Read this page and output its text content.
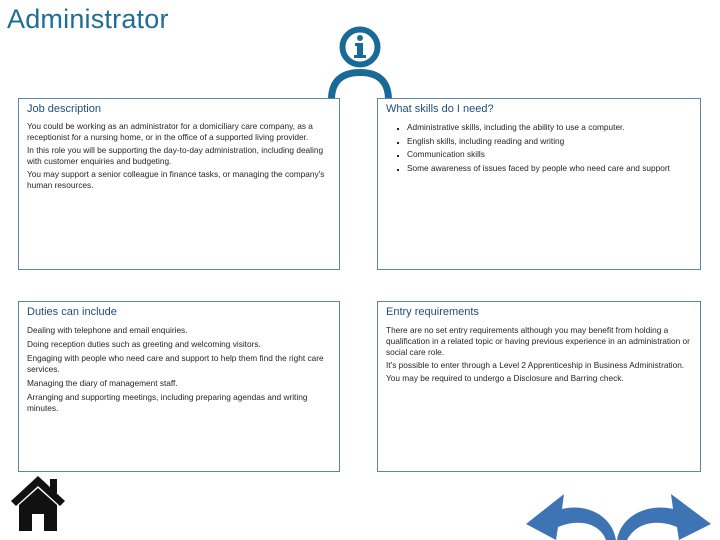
Administrator
Job description

You could be working as an administrator for a domiciliary care company, as a receptionist for a nursing home, or in the office of a supported living provider.

In this role you will be supporting the day-to-day administration, including dealing with customer enquiries and budgeting.

You may support a senior colleague in finance tasks, or managing the company's human resources.

What skills do I need?
▪ Administrative skills, including the ability to use a computer.
▪ English skills, including reading and writing
▪ Communication skills
▪ Some awareness of issues faced by people who need care and support
Duties can include

Dealing with telephone and email enquiries.

Doing reception duties such as greeting and welcoming visitors.

Engaging with people who need care and support to help them find the right care services.

Managing the diary of management staff.

Arranging and supporting meetings, including preparing agendas and writing minutes.

Entry requirements

There are no set entry requirements although you may benefit from holding a qualification in a related topic or having previous experience in an administration or social care role.

It's possible to enter through a Level 2 Apprenticeship in Business Administration.

You may be required to undergo a Disclosure and Barring check.
